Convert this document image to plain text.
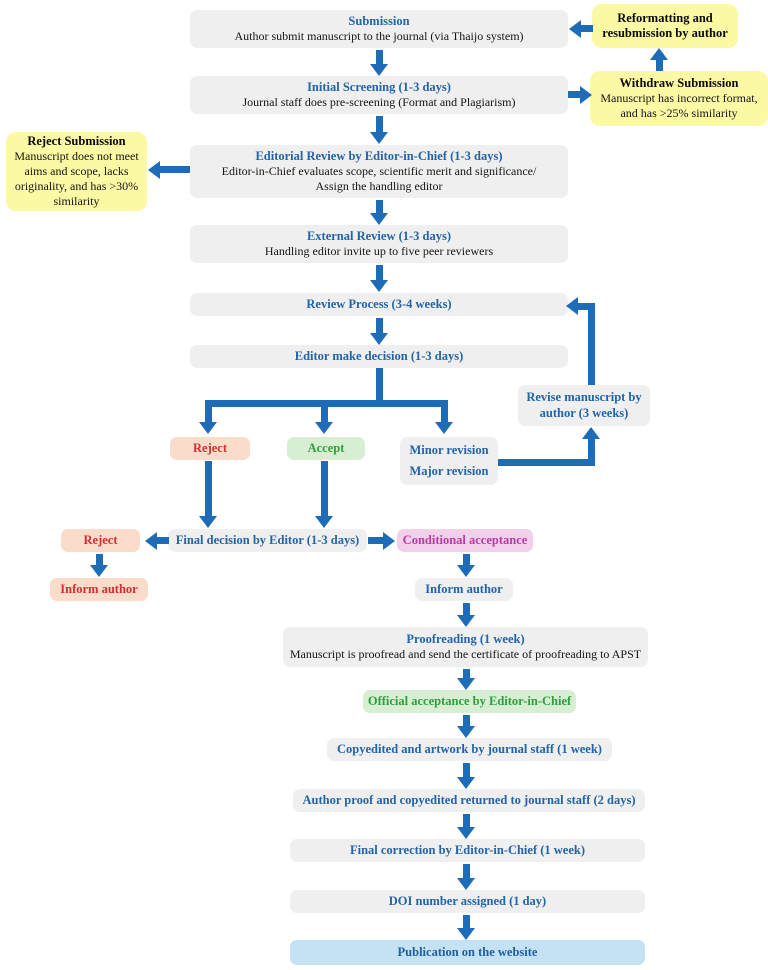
Submission
Author submit manuscript to the journal (via Thaijo system)
Initial Screening (1-3 days)
Journal staff does pre-screening (Format and Plagiarism)
Editorial Review by Editor-in-Chief (1-3 days)
Editor-in-Chief evaluates scope, scientific merit and significance/
Assign the handling editor
External Review (1-3 days)
Handling editor invite up to five peer reviewers
Review Process (3-4 weeks)
Editor make decision (1-3 days)
Reformatting and resubmission by author
Withdraw Submission
Manuscript has incorrect format, and has >25% similarity
Reject Submission
Manuscript does not meet aims and scope, lacks originality, and has >30% similarity
Reject	Accept	Minor revision
Major revision
Revise manuscript by author (3 weeks)
Reject	Final decision by Editor (1-3 days)	Conditional acceptance
Inform author	Inform author
Proofreading (1 week)
Manuscript is proofread and send the certificate of proofreading to APST
Official acceptance by Editor-in-Chief
Copyedited and artwork by journal staff (1 week)
Author proof and copyedited returned to journal staff (2 days)
Final correction by Editor-in-Chief (1 week)
DOI number assigned (1 day)
Publication on the website
